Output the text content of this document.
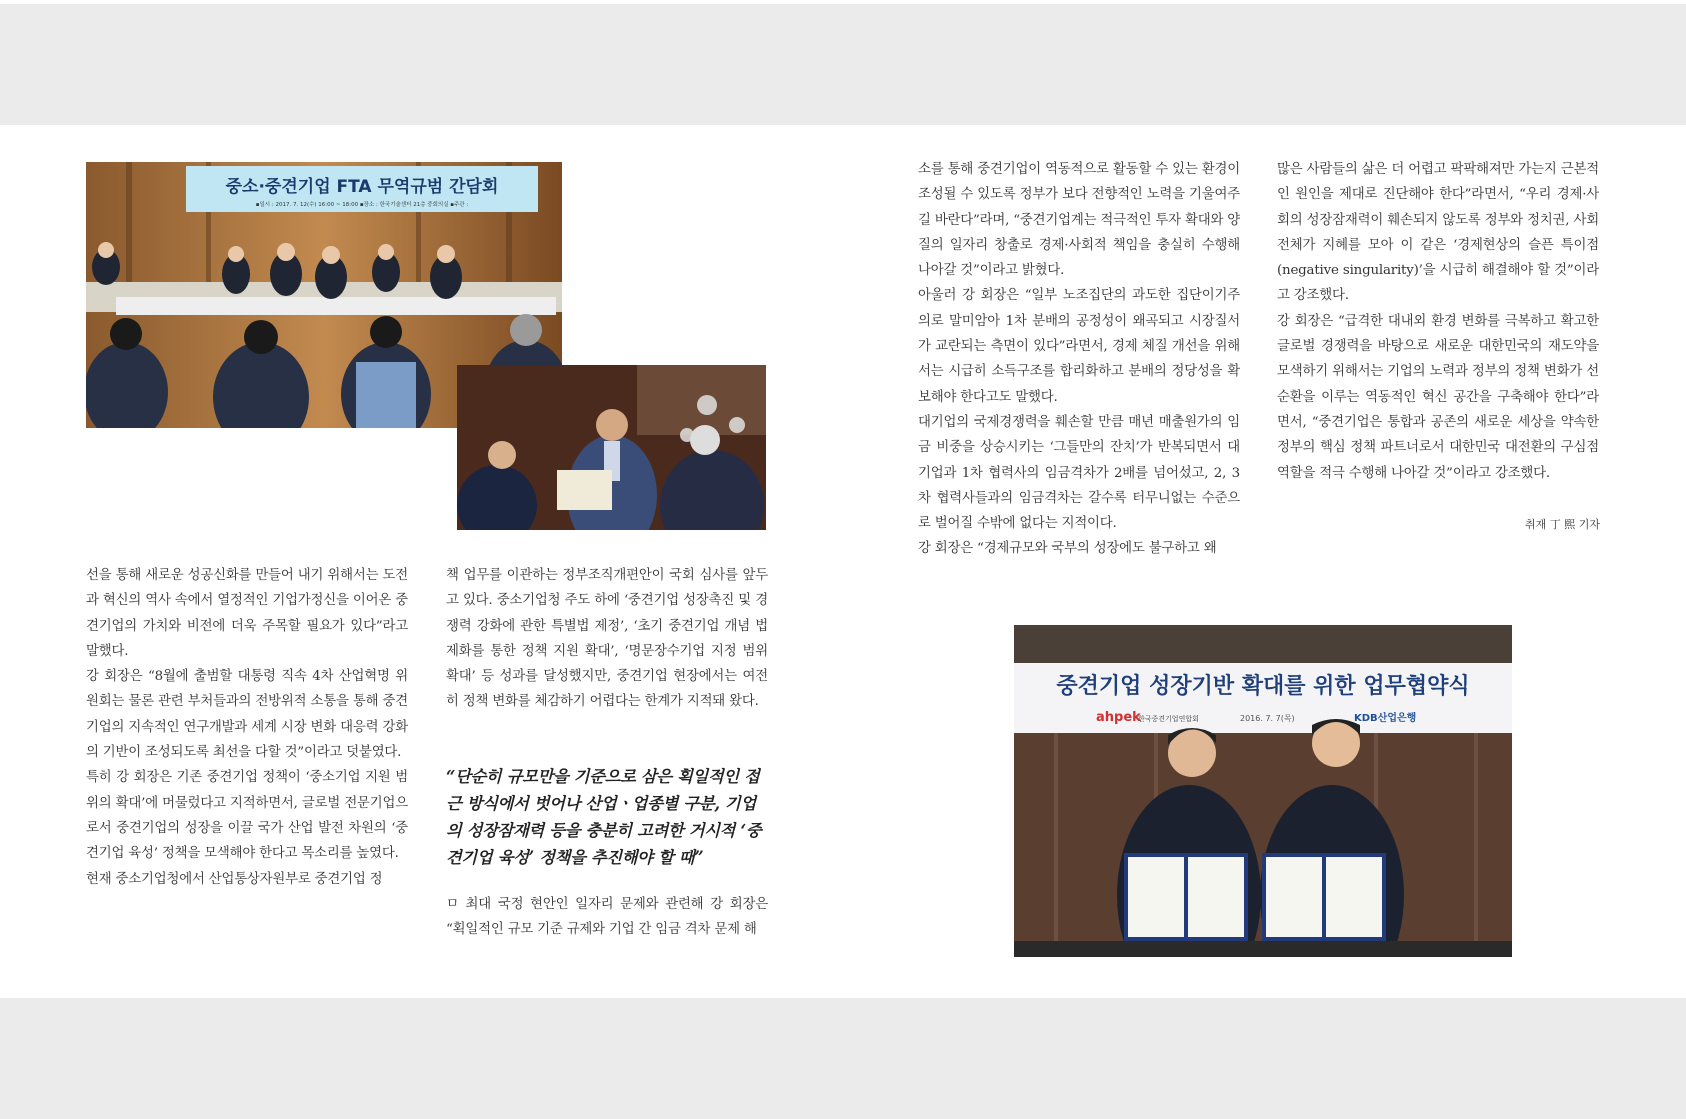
중소·중견기업 FTA 무역규범 간담회
▪일시 : 2017. 7. 12(수) 16:00 ~ 18:00 ▪장소 : 한국기술센터 21층 중회의실 ▪주관 :
중견기업 성장기반 확대를 위한 업무협약식
ahpek
한국중견기업연합회	2016. 7. 7(목)	KDB산업은행

선을 통해 새로운 성공신화를 만들어 내기 위해서는 도전과 혁신의 역사 속에서 열정적인 기업가정신을 이어온 중견기업의 가치와 비전에 더욱 주목할 필요가 있다”라고 말했다.

강 회장은 “8월에 출범할 대통령 직속 4차 산업혁명 위원회는 물론 관련 부처들과의 전방위적 소통을 통해 중견기업의 지속적인 연구개발과 세계 시장 변화 대응력 강화의 기반이 조성되도록 최선을 다할 것”이라고 덧붙였다.

특히 강 회장은 기존 중견기업 정책이 ‘중소기업 지원 범위의 확대’에 머물렀다고 지적하면서, 글로벌 전문기업으로서 중견기업의 성장을 이끌 국가 산업 발전 차원의 ‘중견기업 육성’ 정책을 모색해야 한다고 목소리를 높였다.

현재 중소기업청에서 산업통상자원부로 중견기업 정

책 업무를 이관하는 정부조직개편안이 국회 심사를 앞두고 있다. 중소기업청 주도 하에 ‘중견기업 성장촉진 및 경쟁력 강화에 관한 특별법 제정’, ‘초기 중견기업 개념 법제화를 통한 정책 지원 확대’, ‘명문장수기업 지정 범위 확대’ 등 성과를 달성했지만, 중견기업 현장에서는 여전히 정책 변화를 체감하기 어렵다는 한계가 지적돼 왔다.

“단순히 규모만을 기준으로 삼은 획일적인 접근 방식에서 벗어나 산업ㆍ업종별 구분, 기업의 성장잠재력 등을 충분히 고려한 거시적 ‘중견기업 육성’ 정책을 추진해야 할 때”

ㅁ 최대 국정 현안인 일자리 문제와 관련해 강 회장은 “획일적인 규모 기준 규제와 기업 간 임금 격차 문제 해

소를 통해 중견기업이 역동적으로 활동할 수 있는 환경이 조성될 수 있도록 정부가 보다 전향적인 노력을 기울여주길 바란다”라며, “중견기업계는 적극적인 투자 확대와 양질의 일자리 창출로 경제·사회적 책임을 충실히 수행해 나아갈 것”이라고 밝혔다.

아울러 강 회장은 “일부 노조집단의 과도한 집단이기주의로 말미암아 1차 분배의 공정성이 왜곡되고 시장질서가 교란되는 측면이 있다”라면서, 경제 체질 개선을 위해서는 시급히 소득구조를 합리화하고 분배의 정당성을 확보해야 한다고도 말했다.

대기업의 국제경쟁력을 훼손할 만큼 매년 매출원가의 임금 비중을 상승시키는 ‘그들만의 잔치’가 반복되면서 대기업과 1차 협력사의 임금격차가 2배를 넘어섰고, 2, 3차 협력사들과의 임금격차는 갈수록 터무니없는 수준으로 벌어질 수밖에 없다는 지적이다.

강 회장은 “경제규모와 국부의 성장에도 불구하고 왜

많은 사람들의 삶은 더 어렵고 팍팍해져만 가는지 근본적인 원인을 제대로 진단해야 한다”라면서, “우리 경제·사회의 성장잠재력이 훼손되지 않도록 정부와 정치권, 사회 전체가 지혜를 모아 이 같은 ‘경제현상의 슬픈 특이점(negative singularity)’을 시급히 해결해야 할 것”이라고 강조했다.

강 회장은 “급격한 대내외 환경 변화를 극복하고 확고한 글로벌 경쟁력을 바탕으로 새로운 대한민국의 재도약을 모색하기 위해서는 기업의 노력과 정부의 정책 변화가 선순환을 이루는 역동적인 혁신 공간을 구축해야 한다”라면서, “중견기업은 통합과 공존의 새로운 세상을 약속한 정부의 핵심 정책 파트너로서 대한민국 대전환의 구심점 역할을 적극 수행해 나아갈 것”이라고 강조했다.

취재 丁 熙 기자
